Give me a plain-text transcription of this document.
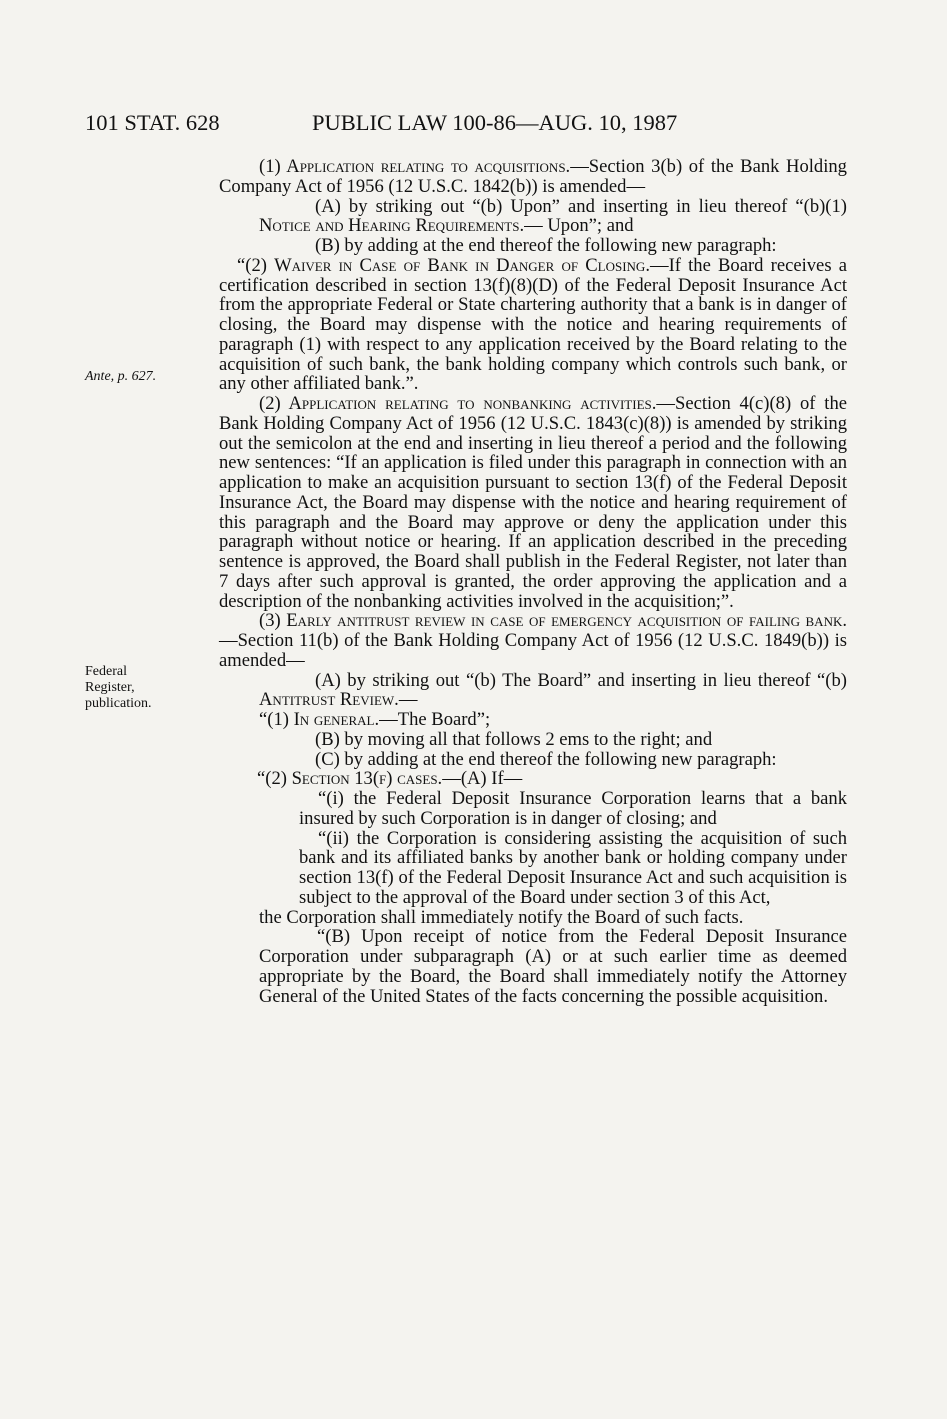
101 STAT. 628	PUBLIC LAW 100-86—AUG. 10, 1987
Ante, p. 627.
Federal
Register,
publication.

(1) Application relating to acquisitions.—Section 3(b) of the Bank Holding Company Act of 1956 (12 U.S.C. 1842(b)) is amended—

(A) by striking out “(b) Upon” and inserting in lieu thereof “(b)(1) Notice and Hearing Requirements.— Upon”; and

(B) by adding at the end thereof the following new paragraph:

“(2) Waiver in Case of Bank in Danger of Closing.—If the Board receives a certification described in section 13(f)(8)(D) of the Federal Deposit Insurance Act from the appropriate Federal or State chartering authority that a bank is in danger of closing, the Board may dispense with the notice and hearing requirements of paragraph (1) with respect to any application received by the Board relating to the acquisition of such bank, the bank holding company which controls such bank, or any other affiliated bank.”.

(2) Application relating to nonbanking activities.—Section 4(c)(8) of the Bank Holding Company Act of 1956 (12 U.S.C. 1843(c)(8)) is amended by striking out the semicolon at the end and inserting in lieu thereof a period and the following new sentences: “If an application is filed under this paragraph in connection with an application to make an acquisition pursuant to section 13(f) of the Federal Deposit Insurance Act, the Board may dispense with the notice and hearing requirement of this paragraph and the Board may approve or deny the application under this paragraph without notice or hearing. If an application described in the preceding sentence is approved, the Board shall publish in the Federal Register, not later than 7 days after such approval is granted, the order approving the application and a description of the nonbanking activities involved in the acquisition;”.

(3) Early antitrust review in case of emergency acquisition of failing bank.—Section 11(b) of the Bank Holding Company Act of 1956 (12 U.S.C. 1849(b)) is amended—

(A) by striking out “(b) The Board” and inserting in lieu thereof “(b) Antitrust Review.—

“(1) In general.—The Board”;

(B) by moving all that follows 2 ems to the right; and

(C) by adding at the end thereof the following new paragraph:

“(2) Section 13(f) cases.—(A) If—

“(i) the Federal Deposit Insurance Corporation learns that a bank insured by such Corporation is in danger of closing; and

“(ii) the Corporation is considering assisting the acquisition of such bank and its affiliated banks by another bank or holding company under section 13(f) of the Federal Deposit Insurance Act and such acquisition is subject to the approval of the Board under section 3 of this Act,

the Corporation shall immediately notify the Board of such facts.

“(B) Upon receipt of notice from the Federal Deposit Insurance Corporation under subparagraph (A) or at such earlier time as deemed appropriate by the Board, the Board shall immediately notify the Attorney General of the United States of the facts concerning the possible acquisition.
